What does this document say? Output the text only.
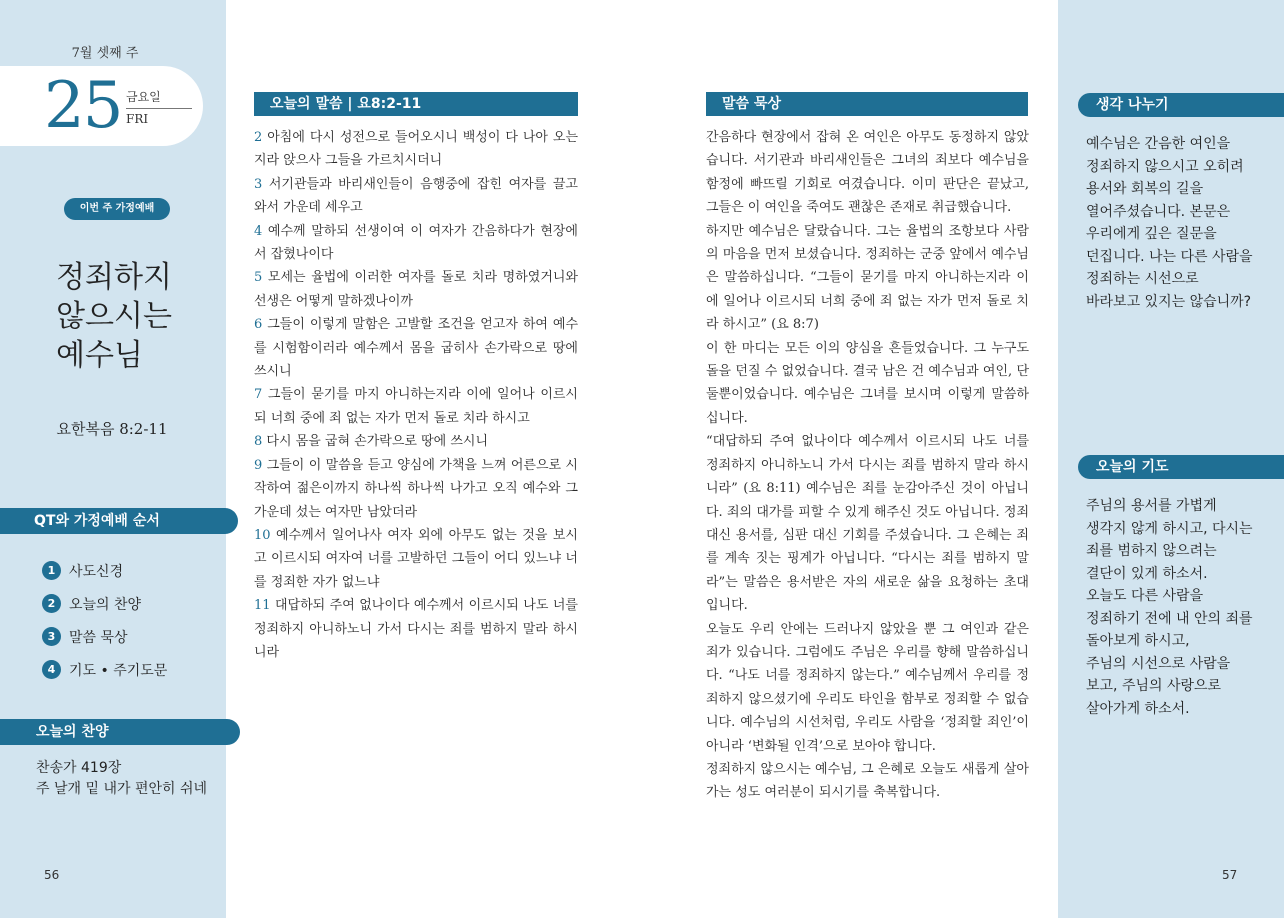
7월 셋째 주
25 금요일
FRI
이번 주 가정예배
정죄하지
않으시는
예수님
요한복음 8:2-11
QT와 가정예배 순서
1 사도신경
2 오늘의 찬양
3 말씀 묵상
4 기도 • 주기도문
오늘의 찬양
찬송가 419장
주 날개 밑 내가 편안히 쉬네
56
오늘의 말씀 | 요8:2-11

2 아침에 다시 성전으로 들어오시니 백성이 다 나아 오는지라 앉으사 그들을 가르치시더니

3 서기관들과 바리새인들이 음행중에 잡힌 여자를 끌고 와서 가운데 세우고

4 예수께 말하되 선생이여 이 여자가 간음하다가 현장에서 잡혔나이다

5 모세는 율법에 이러한 여자를 돌로 치라 명하였거니와 선생은 어떻게 말하겠나이까

6 그들이 이렇게 말함은 고발할 조건을 얻고자 하여 예수를 시험함이러라 예수께서 몸을 굽히사 손가락으로 땅에 쓰시니

7 그들이 묻기를 마지 아니하는지라 이에 일어나 이르시되 너희 중에 죄 없는 자가 먼저 돌로 치라 하시고

8 다시 몸을 굽혀 손가락으로 땅에 쓰시니

9 그들이 이 말씀을 듣고 양심에 가책을 느껴 어른으로 시작하여 젊은이까지 하나씩 하나씩 나가고 오직 예수와 그 가운데 섰는 여자만 남았더라

10 예수께서 일어나사 여자 외에 아무도 없는 것을 보시고 이르시되 여자여 너를 고발하던 그들이 어디 있느냐 너를 정죄한 자가 없느냐

11 대답하되 주여 없나이다 예수께서 이르시되 나도 너를 정죄하지 아니하노니 가서 다시는 죄를 범하지 말라 하시니라

말씀 묵상

간음하다 현장에서 잡혀 온 여인은 아무도 동정하지 않았습니다. 서기관과 바리새인들은 그녀의 죄보다 예수님을 함정에 빠뜨릴 기회로 여겼습니다. 이미 판단은 끝났고, 그들은 이 여인을 죽여도 괜찮은 존재로 취급했습니다.

하지만 예수님은 달랐습니다. 그는 율법의 조항보다 사람의 마음을 먼저 보셨습니다. 정죄하는 군중 앞에서 예수님은 말씀하십니다. “그들이 묻기를 마지 아니하는지라 이에 일어나 이르시되 너희 중에 죄 없는 자가 먼저 돌로 치라 하시고” (요 8:7)

이 한 마디는 모든 이의 양심을 흔들었습니다. 그 누구도 돌을 던질 수 없었습니다. 결국 남은 건 예수님과 여인, 단둘뿐이었습니다. 예수님은 그녀를 보시며 이렇게 말씀하십니다.

“대답하되 주여 없나이다 예수께서 이르시되 나도 너를 정죄하지 아니하노니 가서 다시는 죄를 범하지 말라 하시니라” (요 8:11) 예수님은 죄를 눈감아주신 것이 아닙니다. 죄의 대가를 피할 수 있게 해주신 것도 아닙니다. 정죄 대신 용서를, 심판 대신 기회를 주셨습니다. 그 은혜는 죄를 계속 짓는 핑계가 아닙니다. “다시는 죄를 범하지 말라”는 말씀은 용서받은 자의 새로운 삶을 요청하는 초대입니다.

오늘도 우리 안에는 드러나지 않았을 뿐 그 여인과 같은 죄가 있습니다. 그럼에도 주님은 우리를 향해 말씀하십니다. “나도 너를 정죄하지 않는다.” 예수님께서 우리를 정죄하지 않으셨기에 우리도 타인을 함부로 정죄할 수 없습니다. 예수님의 시선처럼, 우리도 사람을 ‘정죄할 죄인’이 아니라 ‘변화될 인격’으로 보아야 합니다.

정죄하지 않으시는 예수님, 그 은혜로 오늘도 새롭게 살아가는 성도 여러분이 되시기를 축복합니다.

생각 나누기
예수님은 간음한 여인을
정죄하지 않으시고 오히려
용서와 회복의 길을
열어주셨습니다. 본문은
우리에게 깊은 질문을
던집니다. 나는 다른 사람을
정죄하는 시선으로
바라보고 있지는 않습니까?
오늘의 기도
주님의 용서를 가볍게
생각지 않게 하시고, 다시는
죄를 범하지 않으려는
결단이 있게 하소서.
오늘도 다른 사람을
정죄하기 전에 내 안의 죄를
돌아보게 하시고,
주님의 시선으로 사람을
보고, 주님의 사랑으로
살아가게 하소서.
57
